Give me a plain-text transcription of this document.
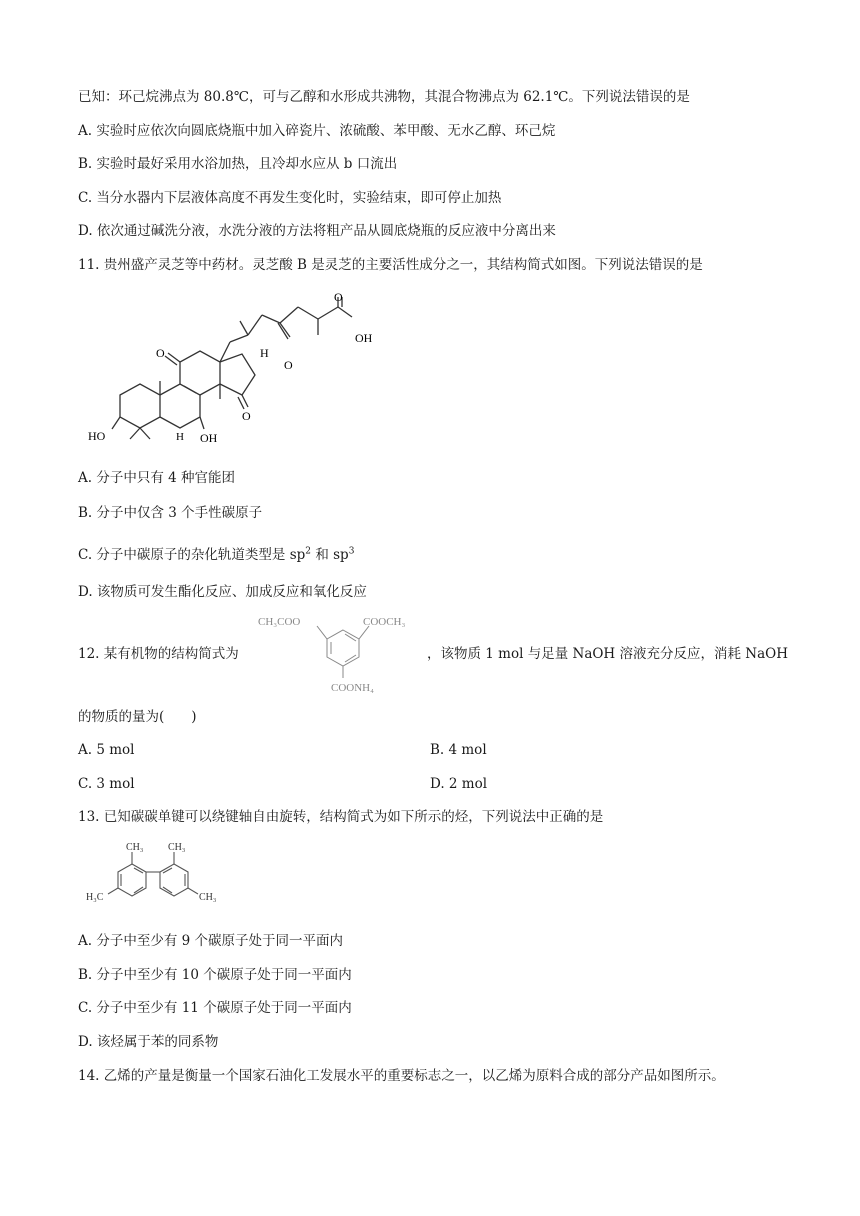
已知：环己烷沸点为 80.8℃，可与乙醇和水形成共沸物，其混合物沸点为 62.1℃。下列说法错误的是
A. 实验时应依次向圆底烧瓶中加入碎瓷片、浓硫酸、苯甲酸、无水乙醇、环己烷
B. 实验时最好采用水浴加热，且冷却水应从 b 口流出
C. 当分水器内下层液体高度不再发生变化时，实验结束，即可停止加热
D. 依次通过碱洗分液，水洗分液的方法将粗产品从圆底烧瓶的反应液中分离出来
11. 贵州盛产灵芝等中药材。灵芝酸 B 是灵芝的主要活性成分之一，其结构简式如图。下列说法错误的是
O
OH
O
H
O
O
HO	OH
H
A. 分子中只有 4 种官能团
B. 分子中仅含 3 个手性碳原子
C. 分子中碳原子的杂化轨道类型是 $sp^2$ 和 $sp^3$
D. 该物质可发生酯化反应、加成反应和氧化反应
12. 某有机物的结构简式为
CH₃COO	COOCH₃
COONH₄
，该物质 1 mol 与足量 NaOH 溶液充分反应，消耗 NaOH
的物质的量为(　　)
A. 5 mol	B. 4 mol
C. 3 mol	D. 2 mol
13. 已知碳碳单键可以绕键轴自由旋转，结构简式为如下所示的烃，下列说法中正确的是
CH₃ CH₃
H₃C	CH₃
A. 分子中至少有 9 个碳原子处于同一平面内
B. 分子中至少有 10 个碳原子处于同一平面内
C. 分子中至少有 11 个碳原子处于同一平面内
D. 该烃属于苯的同系物
14. 乙烯的产量是衡量一个国家石油化工发展水平的重要标志之一，以乙烯为原料合成的部分产品如图所示。
